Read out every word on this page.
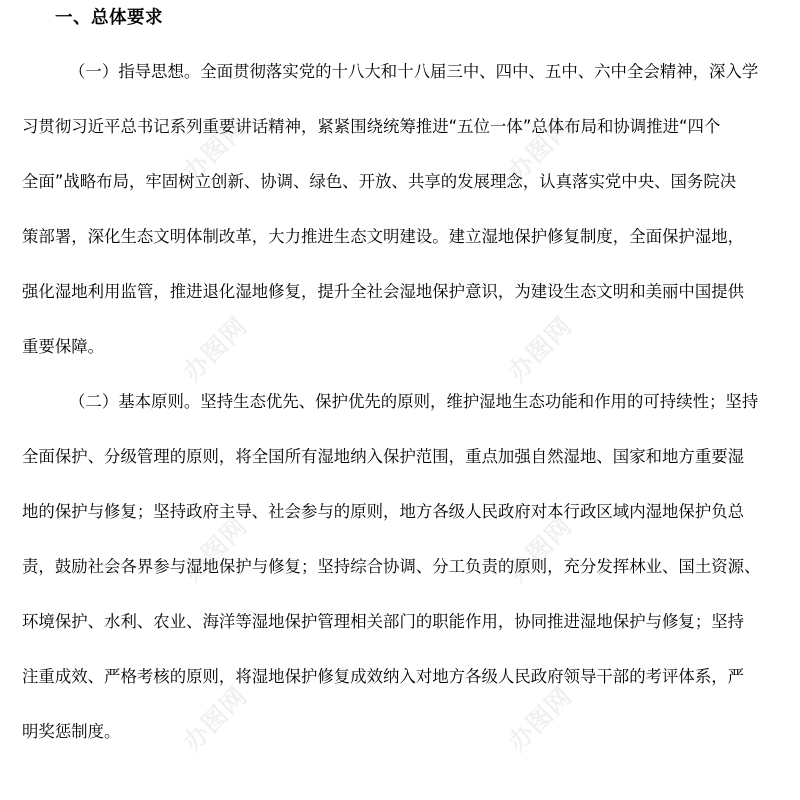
办图网	办图网
办图网	办图网
办图网	办图网
办图网	办图网
一、总体要求
（一）指导思想。全面贯彻落实党的十八大和十八届三中、四中、五中、六中全会精神，深入学
习贯彻习近平总书记系列重要讲话精神，紧紧围绕统筹推进“五位一体”总体布局和协调推进“四个
全面”战略布局，牢固树立创新、协调、绿色、开放、共享的发展理念，认真落实党中央、国务院决
策部署，深化生态文明体制改革，大力推进生态文明建设。建立湿地保护修复制度，全面保护湿地，
强化湿地利用监管，推进退化湿地修复，提升全社会湿地保护意识，为建设生态文明和美丽中国提供
重要保障。
（二）基本原则。坚持生态优先、保护优先的原则，维护湿地生态功能和作用的可持续性；坚持
全面保护、分级管理的原则，将全国所有湿地纳入保护范围，重点加强自然湿地、国家和地方重要湿
地的保护与修复；坚持政府主导、社会参与的原则，地方各级人民政府对本行政区域内湿地保护负总
责，鼓励社会各界参与湿地保护与修复；坚持综合协调、分工负责的原则，充分发挥林业、国土资源、
环境保护、水利、农业、海洋等湿地保护管理相关部门的职能作用，协同推进湿地保护与修复；坚持
注重成效、严格考核的原则，将湿地保护修复成效纳入对地方各级人民政府领导干部的考评体系，严
明奖惩制度。
